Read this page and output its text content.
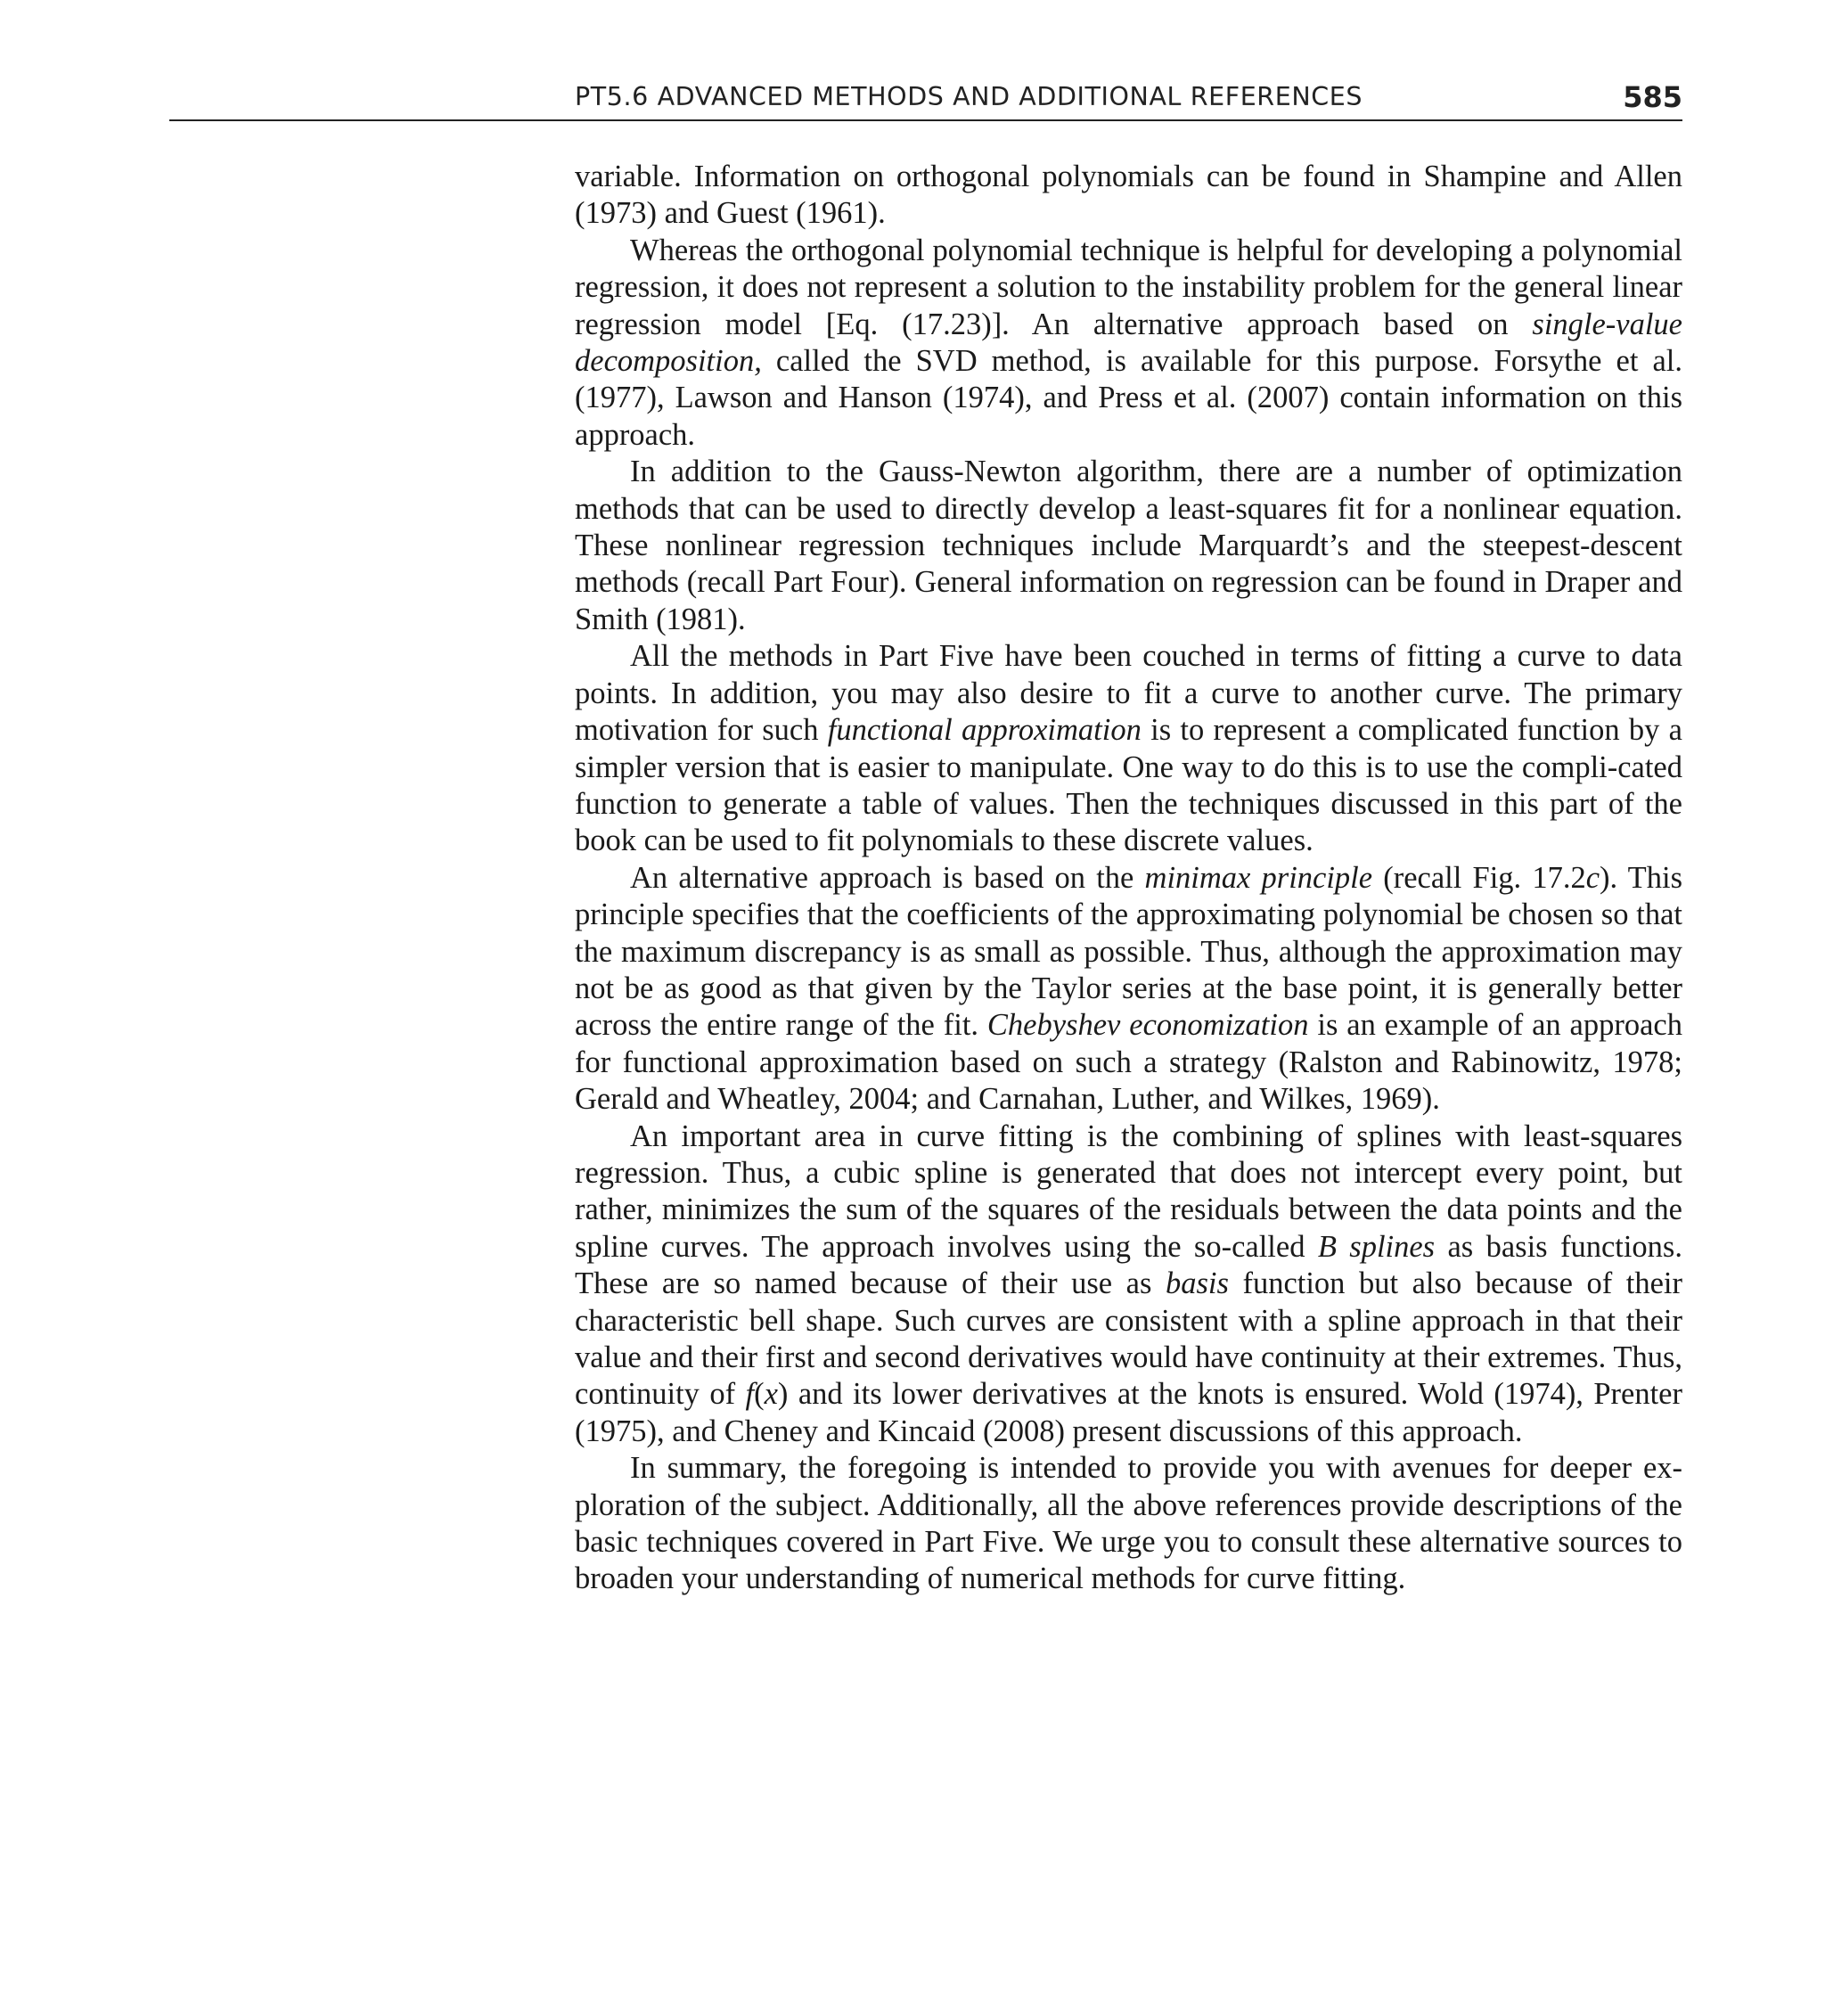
PT5.6 ADVANCED METHODS AND ADDITIONAL REFERENCES	585

variable. Information on orthogonal polynomials can be found in Shampine and Allen (1973) and Guest (1961).

Whereas the orthogonal polynomial technique is helpful for developing a polynomial regression, it does not represent a solution to the instability problem for the general linear regression model [Eq. (17.23)]. An alternative approach based on single-value decomposition, called the SVD method, is available for this purpose. Forsythe et al. (1977), Lawson and Hanson (1974), and Press et al. (2007) contain information on this approach.

In addition to the Gauss-Newton algorithm, there are a number of optimization methods that can be used to directly develop a least-squares fit for a nonlinear equation. These nonlinear regression techniques include Marquardt’s and the steepest-descent methods (recall Part Four). General information on regression can be found in Draper and Smith (1981).

All the methods in Part Five have been couched in terms of fitting a curve to data points. In addition, you may also desire to fit a curve to another curve. The primary motivation for such functional approximation is to represent a complicated function by a simpler version that is easier to manipulate. One way to do this is to use the compli-cated function to generate a table of values. Then the techniques discussed in this part of the book can be used to fit polynomials to these discrete values.

An alternative approach is based on the minimax principle (recall Fig. 17.2c). This principle specifies that the coefficients of the approximating polynomial be chosen so that the maximum discrepancy is as small as possible. Thus, although the approximation may not be as good as that given by the Taylor series at the base point, it is generally better across the entire range of the fit. Chebyshev economization is an example of an approach for functional approximation based on such a strategy (Ralston and Rabinowitz, 1978; Gerald and Wheatley, 2004; and Carnahan, Luther, and Wilkes, 1969).

An important area in curve fitting is the combining of splines with least-squares regression. Thus, a cubic spline is generated that does not intercept every point, but rather, minimizes the sum of the squares of the residuals between the data points and the spline curves. The approach involves using the so-called B splines as basis functions. These are so named because of their use as basis function but also because of their characteristic bell shape. Such curves are consistent with a spline approach in that their value and their first and second derivatives would have continuity at their extremes. Thus, continuity of f(x) and its lower derivatives at the knots is ensured. Wold (1974), Prenter (1975), and Cheney and Kincaid (2008) present discussions of this approach.

In summary, the foregoing is intended to provide you with avenues for deeper ex-ploration of the subject. Additionally, all the above references provide descriptions of the basic techniques covered in Part Five. We urge you to consult these alternative sources to broaden your understanding of numerical methods for curve fitting.
